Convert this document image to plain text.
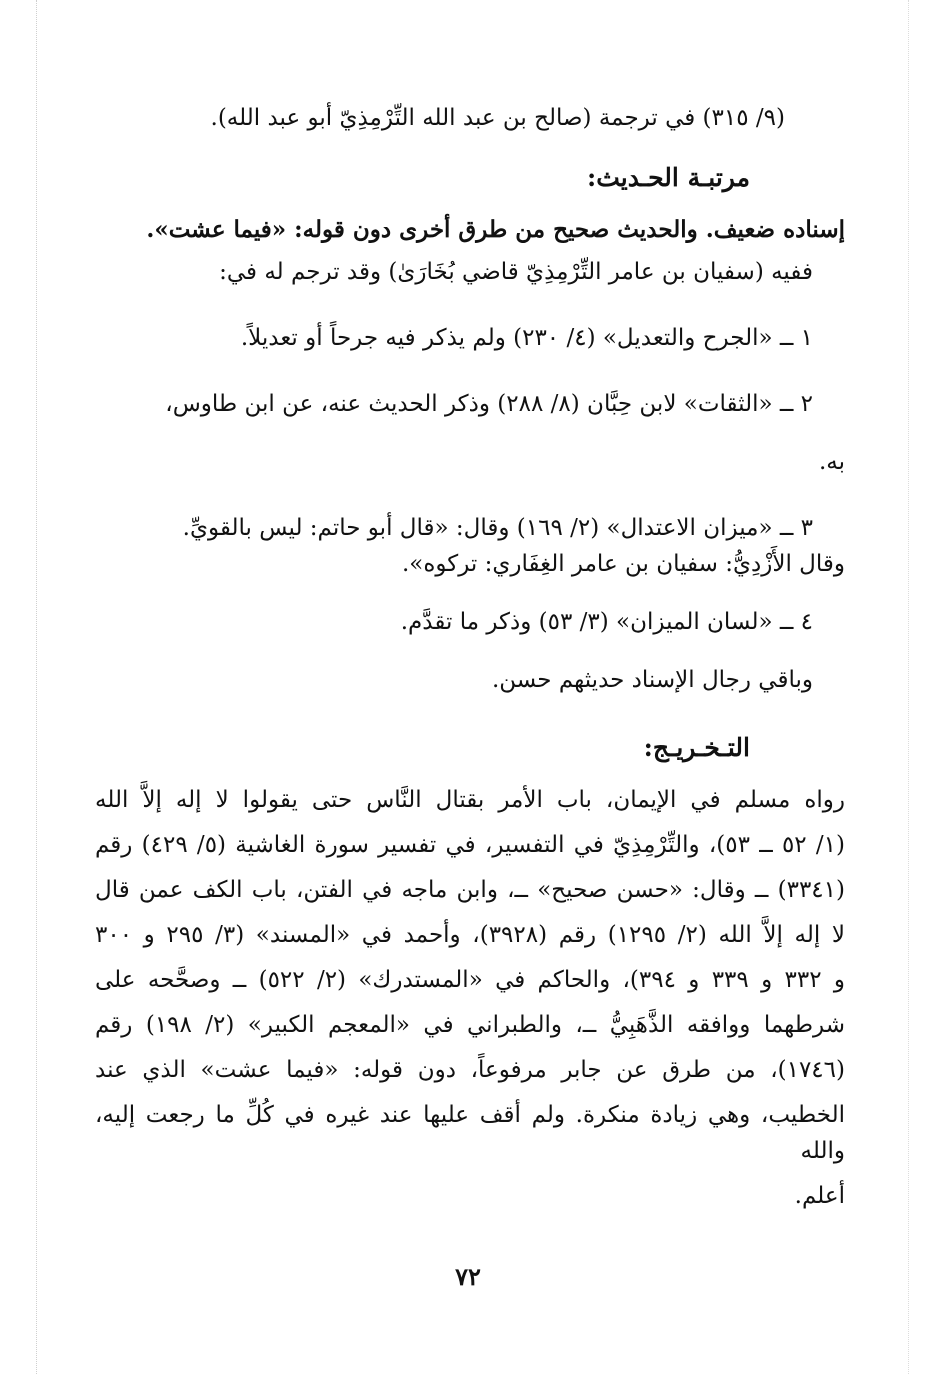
(٩/ ٣١٥) في ترجمة (صالح بن عبد الله التِّرْمِذِيّ أبو عبد الله).
مرتبـة الحـديث:
إسناده ضعيف. والحديث صحيح من طرق أخرى دون قوله: «فيما عشت».
ففيه (سفيان بن عامر التِّرْمِذِيّ قاضي بُخَارَىٰ) وقد ترجم له في:
١ ــ «الجرح والتعديل» (٤/ ٢٣٠) ولم يذكر فيه جرحاً أو تعديلاً.
٢ ــ «الثقات» لابن حِبَّان (٨/ ٢٨٨) وذكر الحديث عنه، عن ابن طاوس،
به.
٣ ــ «ميزان الاعتدال» (٢/ ١٦٩) وقال: «قال أبو حاتم: ليس بالقويِّ.
وقال الأَزْدِيُّ: سفيان بن عامر الغِفَاري: تركوه».
٤ ــ «لسان الميزان» (٣/ ٥٣) وذكر ما تقدَّم.
وباقي رجال الإسناد حديثهم حسن.
التـخـريـج:
رواه مسلم في الإيمان، باب الأمر بقتال النَّاس حتى يقولوا لا إله إلاَّ الله
(١/ ٥٢ ــ ٥٣)، والتِّرْمِذِيّ في التفسير، في تفسير سورة الغاشية (٥/ ٤٢٩) رقم
(٣٣٤١) ــ وقال: «حسن صحيح» ــ، وابن ماجه في الفتن، باب الكف عمن قال
لا إله إلاَّ الله (٢/ ١٢٩٥) رقم (٣٩٢٨)، وأحمد في «المسند» (٣/ ٢٩٥ و ٣٠٠
و ٣٣٢ و ٣٣٩ و ٣٩٤)، والحاكم في «المستدرك» (٢/ ٥٢٢) ــ وصحَّحه على
شرطهما ووافقه الذَّهَبِيُّ ــ، والطبراني في «المعجم الكبير» (٢/ ١٩٨) رقم
(١٧٤٦)، من طرق عن جابر مرفوعاً، دون قوله: «فيما عشت» الذي عند
الخطيب، وهي زيادة منكرة. ولم أقف عليها عند غيره في كُلِّ ما رجعت إليه، والله
أعلم.
٧٢
